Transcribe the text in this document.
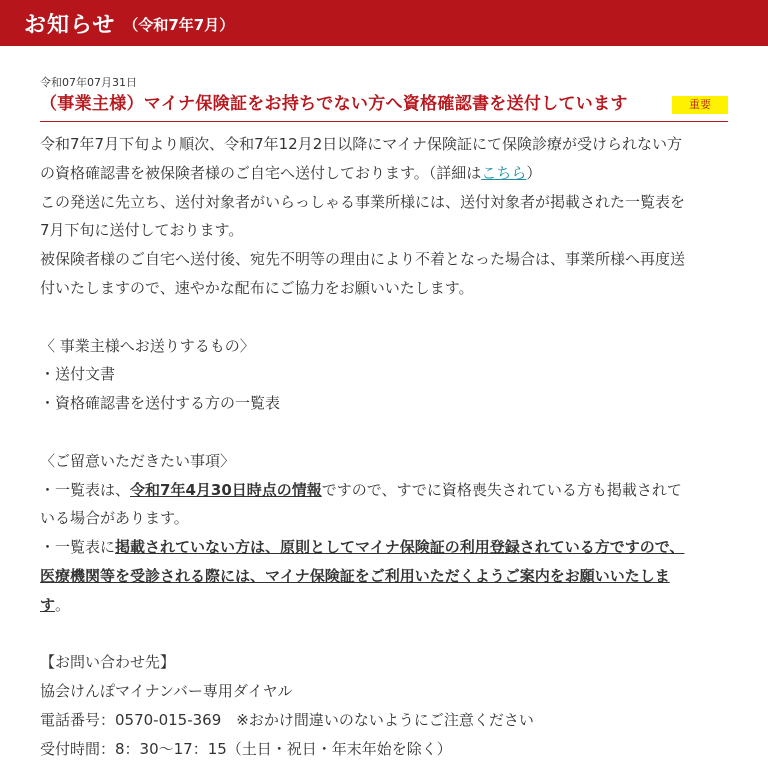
お知らせ （令和7年7月）
令和07年07月31日
（事業主様）マイナ保険証をお持ちでない方へ資格確認書を送付しています	重要

令和7年7月下旬より順次、令和7年12月2日以降にマイナ保険証にて保険診療が受けられない方

の資格確認書を被保険者様のご自宅へ送付しております。（詳細はこちら）

この発送に先立ち、送付対象者がいらっしゃる事業所様には、送付対象者が掲載された一覧表を

7月下旬に送付しております。

被保険者様のご自宅へ送付後、宛先不明等の理由により不着となった場合は、事業所様へ再度送

付いたしますので、速やかな配布にご協力をお願いいたします。

〈 事業主様へお送りするもの〉

・送付文書

・資格確認書を送付する方の一覧表

〈ご留意いただきたい事項〉

・一覧表は、令和7年4月30日時点の情報ですので、すでに資格喪失されている方も掲載されて

いる場合があります。

・一覧表に掲載されていない方は、原則としてマイナ保険証の利用登録されている方ですので、

医療機関等を受診される際には、マイナ保険証をご利用いただくようご案内をお願いいたしま

す。

【お問い合わせ先】

協会けんぽマイナンバー専用ダイヤル

電話番号：0570-015-369　※おかけ間違いのないようにご注意ください

受付時間：8：30～17：15（土日・祝日・年末年始を除く）
